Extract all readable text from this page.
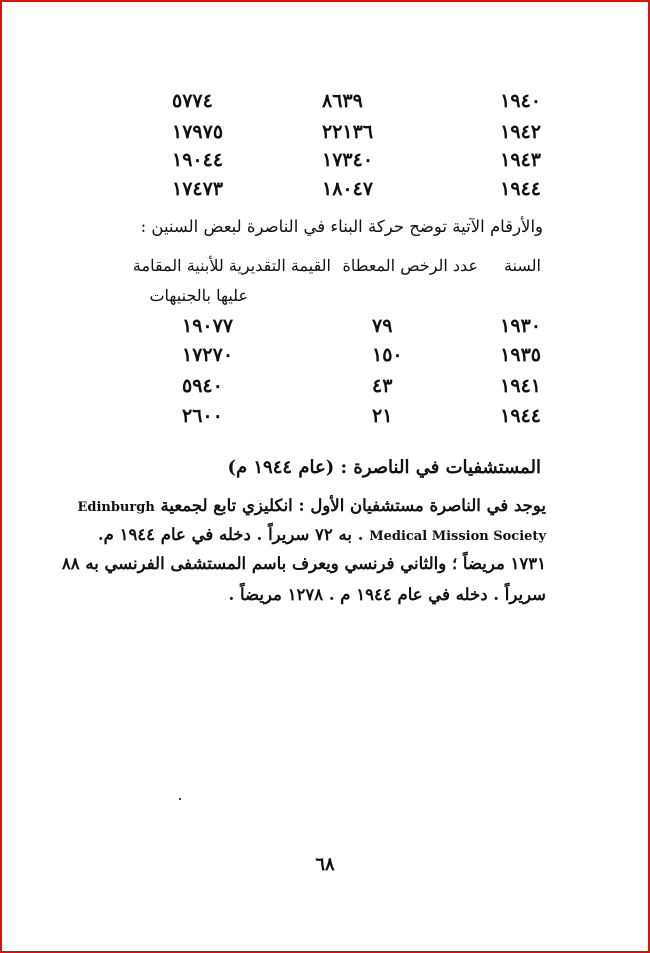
١٩٤٠
٨٦٣٩
٥٧٧٤
١٩٤٢
٢٢١٣٦
١٧٩٧٥
١٩٤٣
١٧٣٤٠
١٩٠٤٤
١٩٤٤
١٨٠٤٧
١٧٤٧٣
والأرقام الآتية توضح حركة البناء في الناصرة لبعض السنين :
السنة
عدد الرخص المعطاة
القيمة التقديرية للأبنية المقامة
عليها بالجنيهات
١٩٣٠
٧٩
١٩٠٧٧
١٩٣٥
١٥٠
١٧٢٧٠
١٩٤١
٤٣
٥٩٤٠
١٩٤٤
٢١
٢٦٠٠
المستشفيات في الناصرة : (عام ١٩٤٤ م)
يوجد في الناصرة مستشفيان الأول : انكليزي تابع لجمعية Edinburgh
Medical Mission Society . به ٧٢ سريراً . دخله في عام ١٩٤٤ م.
١٧٣١ مريضاً ؛ والثاني فرنسي ويعرف باسم المستشفى الفرنسي به ٨٨
سريراً . دخله في عام ١٩٤٤ م . ١٢٧٨ مريضاً .
٦٨
